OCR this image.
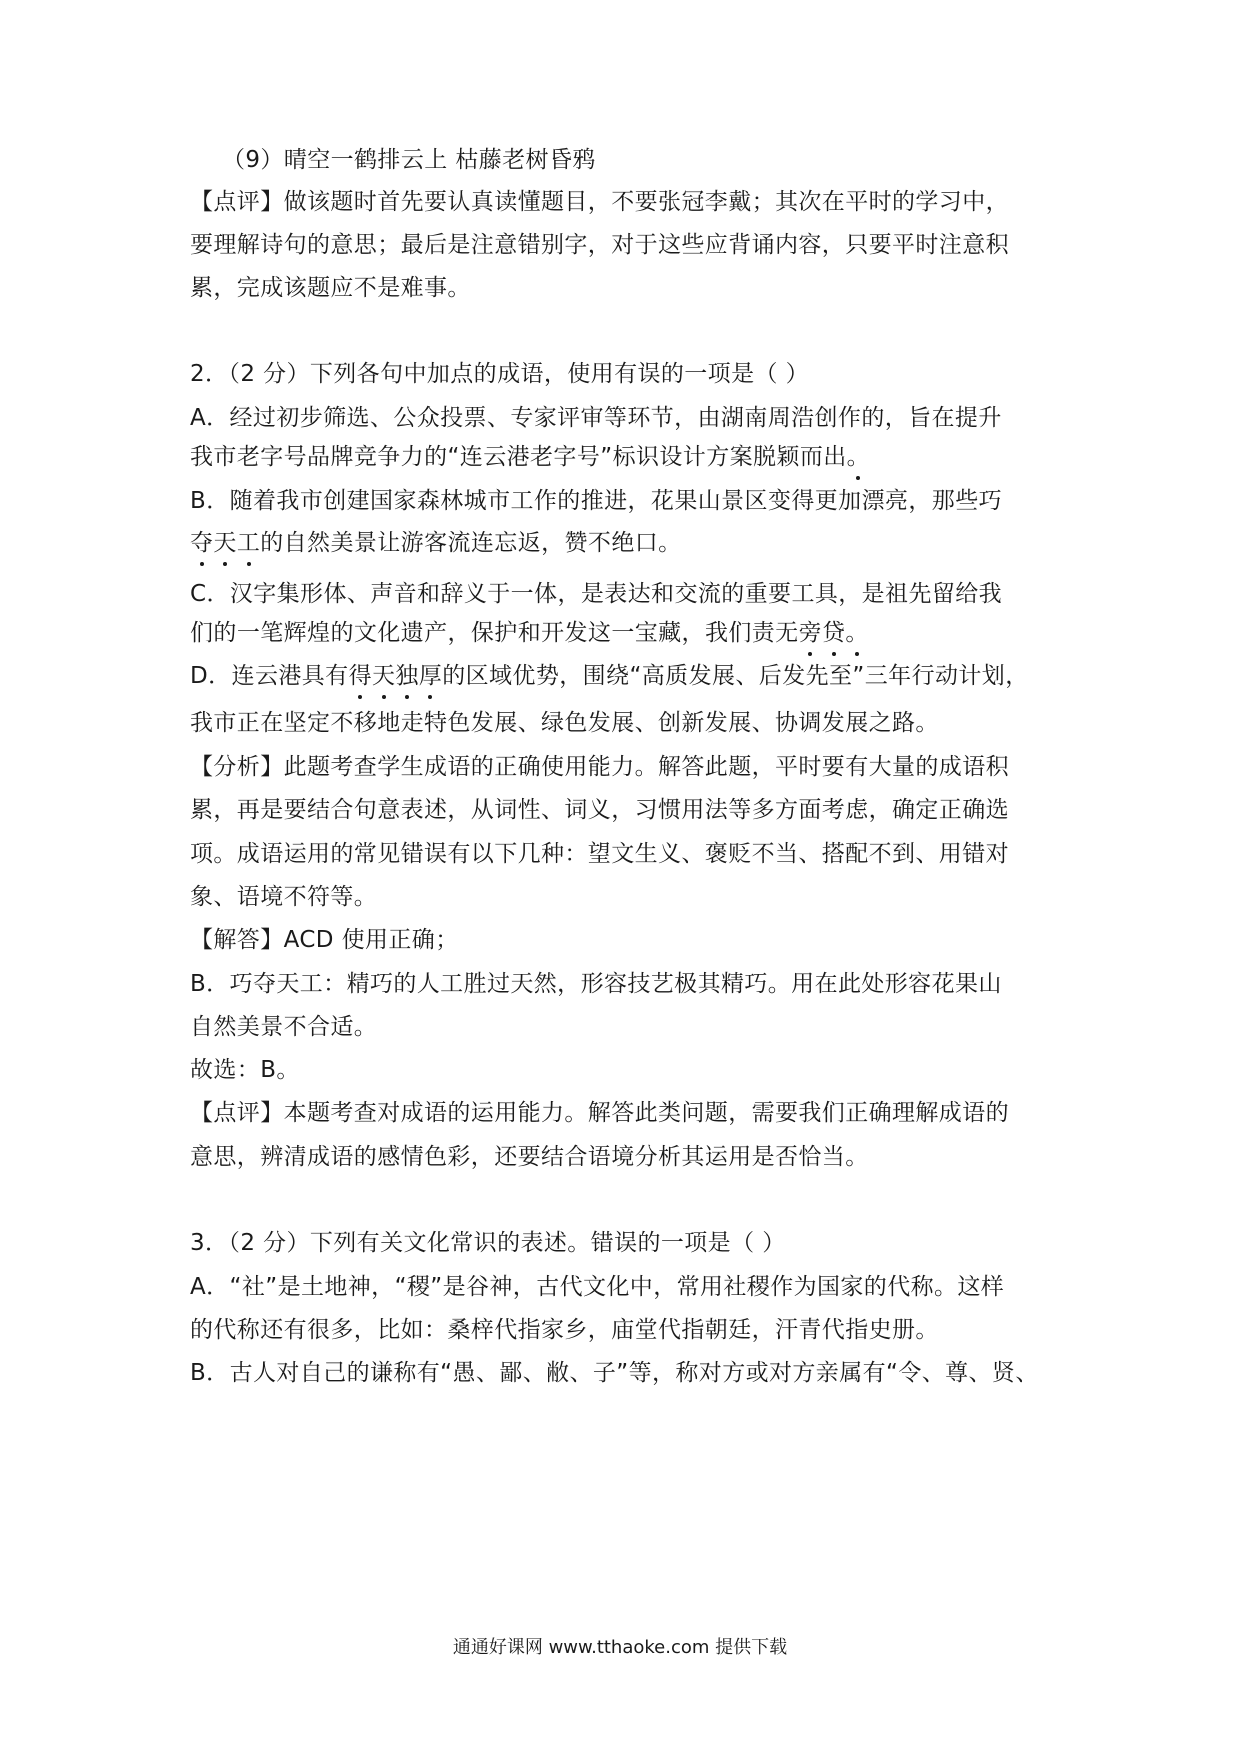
（9）晴空一鹤排云上 枯藤老树昏鸦
【点评】做该题时首先要认真读懂题目，不要张冠李戴；其次在平时的学习中，
要理解诗句的意思；最后是注意错别字，对于这些应背诵内容，只要平时注意积
累，完成该题应不是难事。
2．（2 分）下列各句中加点的成语，使用有误的一项是（ ）
A．经过初步筛选、公众投票、专家评审等环节，由湖南周浩创作的，旨在提升
我市老字号品牌竞争力的“连云港老字号”标识设计方案脱颖而出。
B．随着我市创建国家森林城市工作的推进，花果山景区变得更加漂亮，那些巧
夺天工的自然美景让游客流连忘返，赞不绝口。
C．汉字集形体、声音和辞义于一体，是表达和交流的重要工具，是祖先留给我
们的一笔辉煌的文化遗产，保护和开发这一宝藏，我们责无旁贷。
D．连云港具有得天独厚的区域优势，围绕“高质发展、后发先至”三年行动计划，
我市正在坚定不移地走特色发展、绿色发展、创新发展、协调发展之路。
【分析】此题考查学生成语的正确使用能力。解答此题，平时要有大量的成语积
累，再是要结合句意表述，从词性、词义，习惯用法等多方面考虑，确定正确选
项。成语运用的常见错误有以下几种：望文生义、褒贬不当、搭配不到、用错对
象、语境不符等。
【解答】ACD 使用正确；
B．巧夺天工：精巧的人工胜过天然，形容技艺极其精巧。用在此处形容花果山
自然美景不合适。
故选：B。
【点评】本题考查对成语的运用能力。解答此类问题，需要我们正确理解成语的
意思，辨清成语的感情色彩，还要结合语境分析其运用是否恰当。
3．（2 分）下列有关文化常识的表述。错误的一项是（ ）
A．“社”是土地神，“稷”是谷神，古代文化中，常用社稷作为国家的代称。这样
的代称还有很多，比如：桑梓代指家乡，庙堂代指朝廷，汗青代指史册。
B．古人对自己的谦称有“愚、鄙、敝、子”等，称对方或对方亲属有“令、尊、贤、
通通好课网 www.tthaoke.com 提供下载
